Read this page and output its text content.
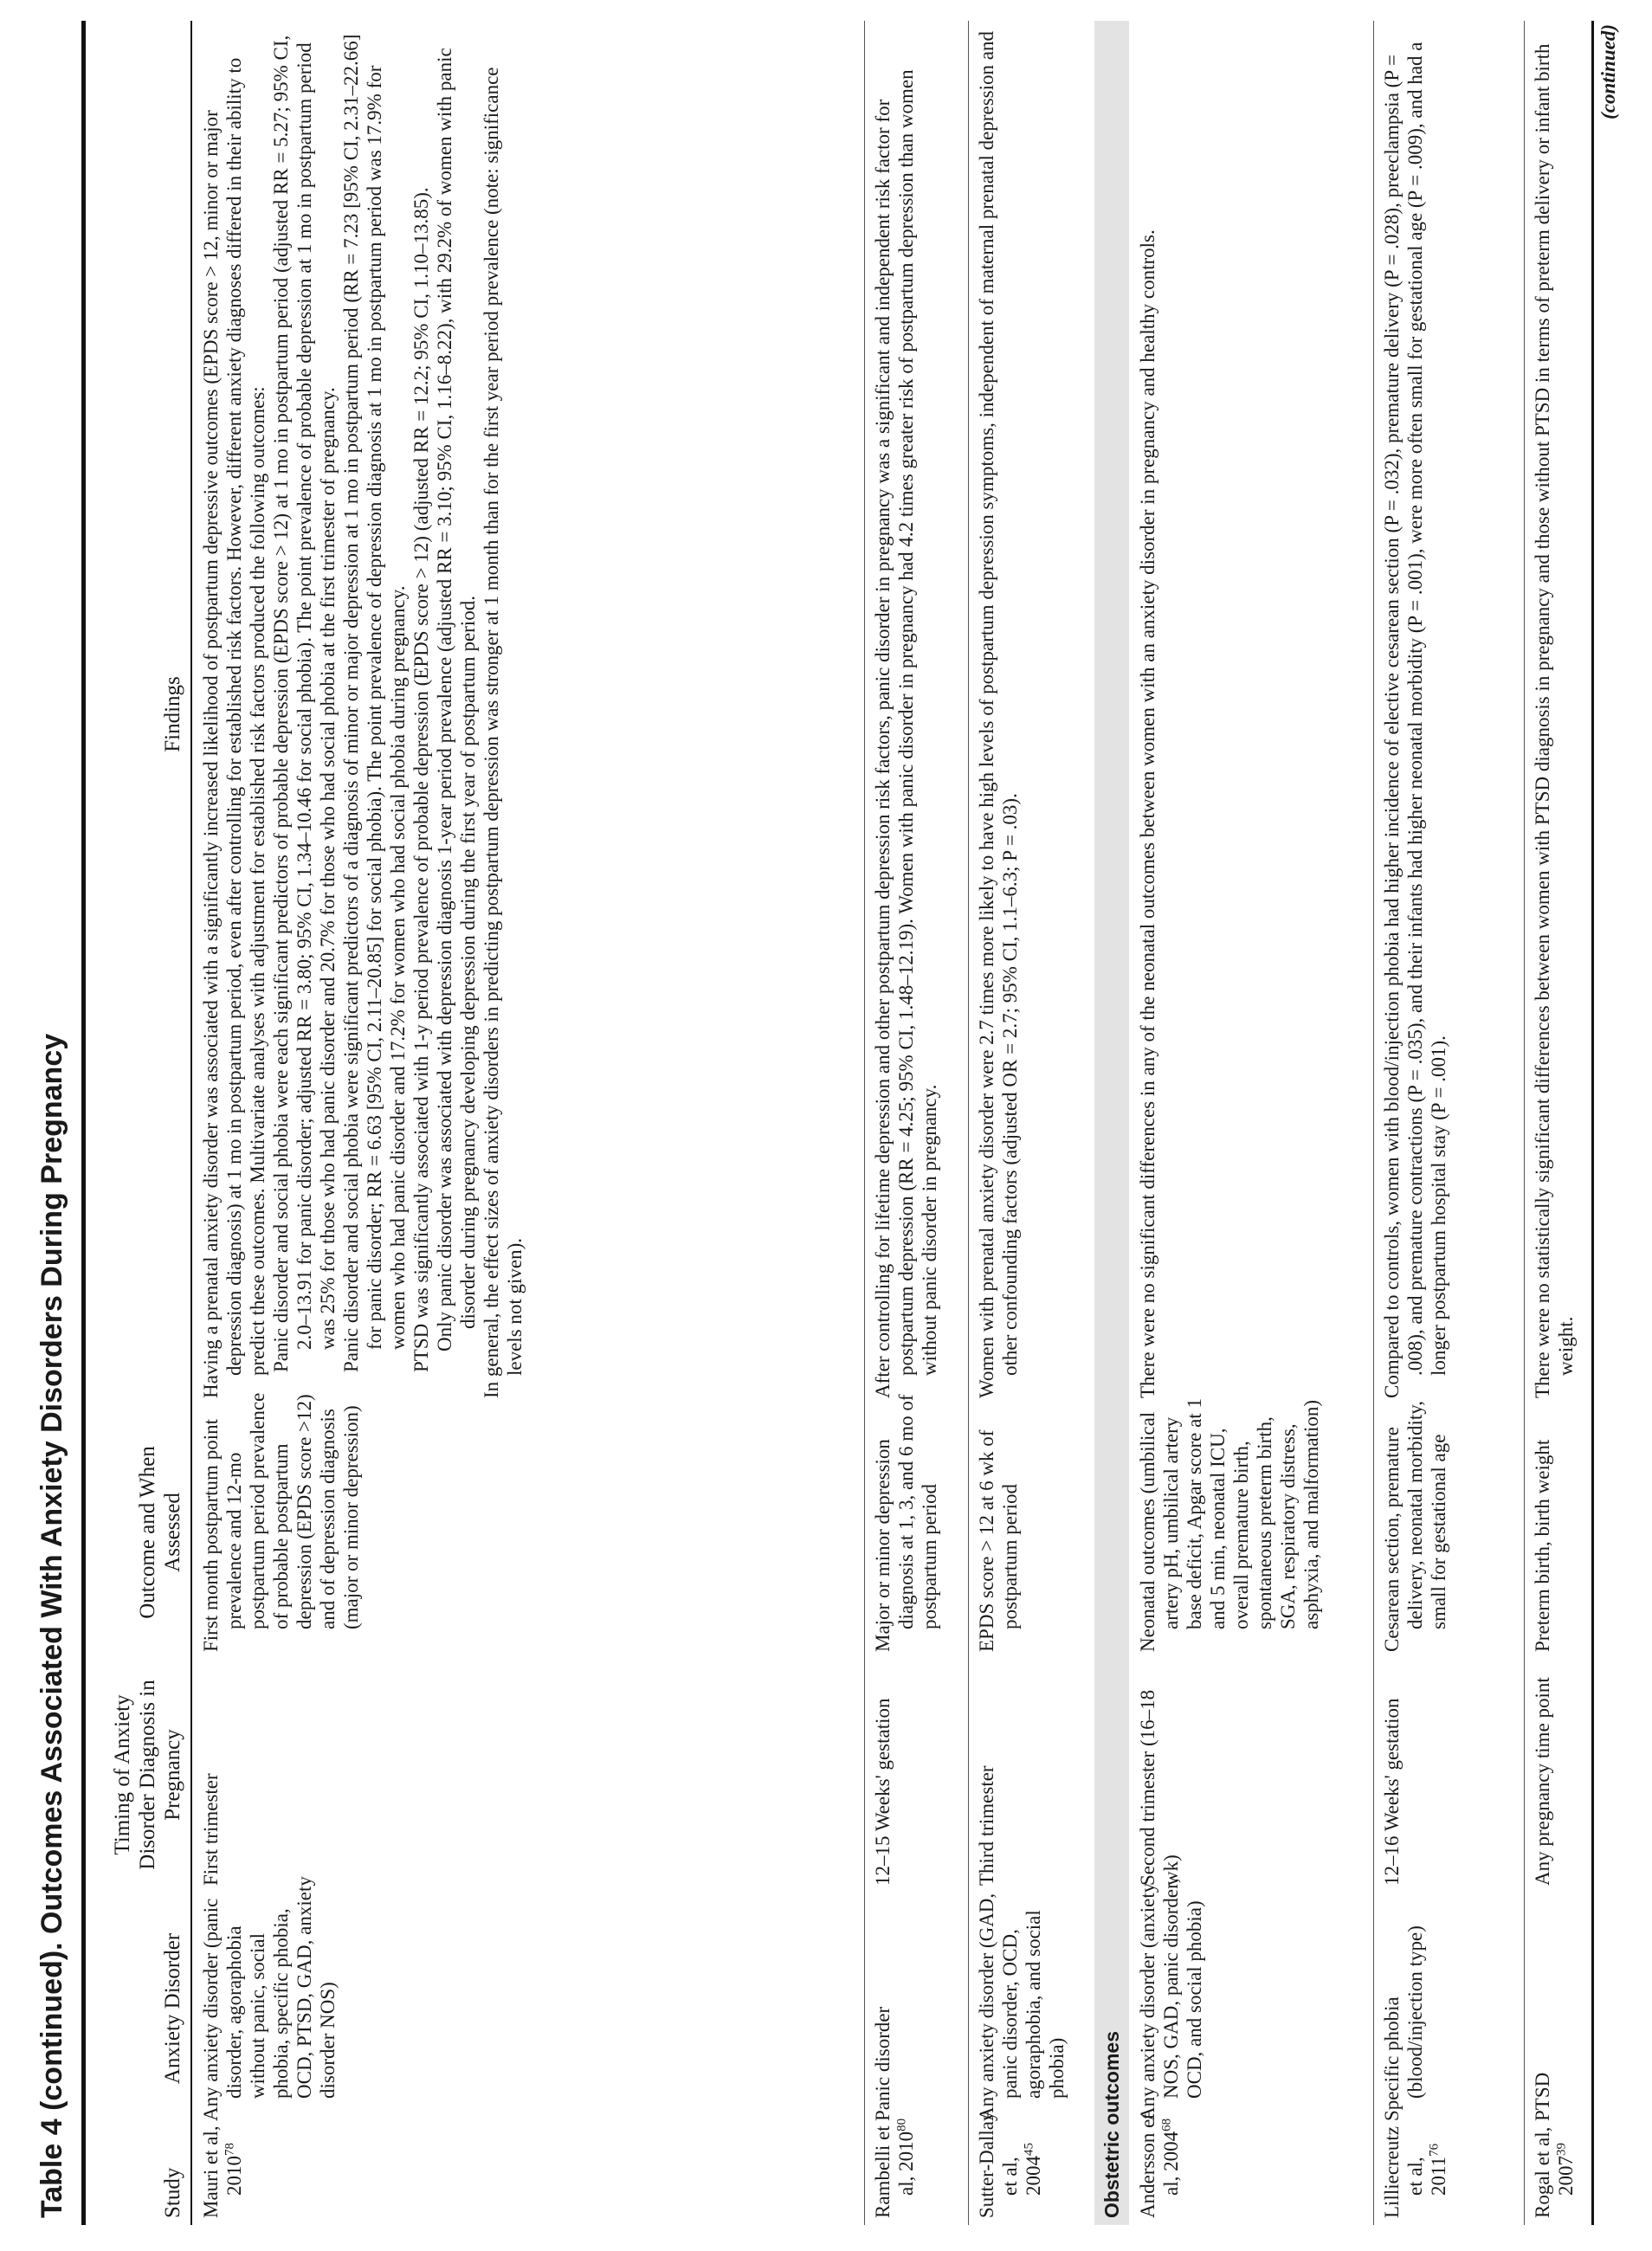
Table 4 (continued). Outcomes Associated With Anxiety Disorders During Pregnancy	Study
Anxiety Disorder
Timing of Anxiety Disorder Diagnosis in Pregnancy
Outcome and When Assessed
Findings
Mauri et al, 2010$^{78}$
Any anxiety disorder (panic disorder, agoraphobia without panic, social phobia, specific phobia, OCD, PTSD, GAD, anxiety disorder NOS)
First trimester
First month postpartum point prevalence and 12-mo postpartum period prevalence of probable postpartum depression (EPDS score >12) and of depression diagnosis (major or minor depression)

Having a prenatal anxiety disorder was associated with a significantly increased likelihood of postpartum depressive outcomes (EPDS score > 12, minor or major depression diagnosis) at 1 mo in postpartum period, even after controlling for established risk factors. However, different anxiety diagnoses differed in their ability to predict these outcomes. Multivariate analyses with adjustment for established risk factors produced the following outcomes: Panic disorder and social phobia were each significant predictors of probable depression (EPDS score > 12) at 1 mo in postpartum period (adjusted RR = 5.27; 95% CI, 2.0–13.91 for panic disorder; adjusted RR = 3.80; 95% CI, 1.34–10.46 for social phobia). The point prevalence of probable depression at 1 mo in postpartum period was 25% for those who had panic disorder and 20.7% for those who had social phobia at the first trimester of pregnancy. Panic disorder and social phobia were significant predictors of a diagnosis of minor or major depression at 1 mo in postpartum period (RR = 7.23 [95% CI, 2.31–22.66] for panic disorder; RR = 6.63 [95% CI, 2.11–20.85] for social phobia). The point prevalence of depression diagnosis at 1 mo in postpartum period was 17.9% for women who had panic disorder and 17.2% for women who had social phobia during pregnancy. PTSD was significantly associated with 1-y period prevalence of probable depression (EPDS score > 12) (adjusted RR = 12.2; 95% CI, 1.10–13.85). Only panic disorder was associated with depression diagnosis 1-year period prevalence (adjusted RR = 3.10; 95% CI, 1.16–8.22), with 29.2% of women with panic disorder during pregnancy developing depression during the first year of postpartum period. In general, the effect sizes of anxiety disorders in predicting postpartum depression was stronger at 1 month than for the first year period prevalence (note: significance levels not given).

Rambelli et al, 2010$^{80}$
Panic disorder
12–15 Weeks' gestation
Major or minor depression diagnosis at 1, 3, and 6 mo of postpartum period
After controlling for lifetime depression and other postpartum depression risk factors, panic disorder in pregnancy was a significant and independent risk factor for postpartum depression (RR = 4.25; 95% CI, 1.48–12.19). Women with panic disorder in pregnancy had 4.2 times greater risk of postpartum depression than women without panic disorder in pregnancy.
Sutter-Dallay et al, 2004$^{45}$
Any anxiety disorder (GAD, panic disorder, OCD, agoraphobia, and social phobia)
Third trimester
EPDS score > 12 at 6 wk of postpartum period
Women with prenatal anxiety disorder were 2.7 times more likely to have high levels of postpartum depression symptoms, independent of maternal prenatal depression and other confounding factors (adjusted OR = 2.7; 95% CI, 1.1–6.3; P = .03).
Obstetric outcomes Andersson et al, 2004$^{68}$
Any anxiety disorder (anxiety NOS, GAD, panic disorder, OCD, and social phobia)
Second trimester (16–18 wk)
Neonatal outcomes (umbilical artery pH, umbilical artery base deficit, Apgar score at 1 and 5 min, neonatal ICU, overall premature birth, spontaneous preterm birth, SGA, respiratory distress, asphyxia, and malformation)
There were no significant differences in any of the neonatal outcomes between women with an anxiety disorder in pregnancy and healthy controls.
Lilliecreutz et al, 2011$^{76}$
Specific phobia (blood/injection type)
12–16 Weeks' gestation
Cesarean section, premature delivery, neonatal morbidity, small for gestational age
Compared to controls, women with blood/injection phobia had higher incidence of elective cesarean section (P = .032), premature delivery (P = .028), preeclampsia (P = .008), and premature contractions (P = .035), and their infants had higher neonatal morbidity (P = .001), were more often small for gestational age (P = .009), and had a longer postpartum hospital stay (P = .001).
Rogal et al, 2007$^{39}$
PTSD
Any pregnancy time point
Preterm birth, birth weight
There were no statistically significant differences between women with PTSD diagnosis in pregnancy and those without PTSD in terms of preterm delivery or infant birth weight.
(continued)
